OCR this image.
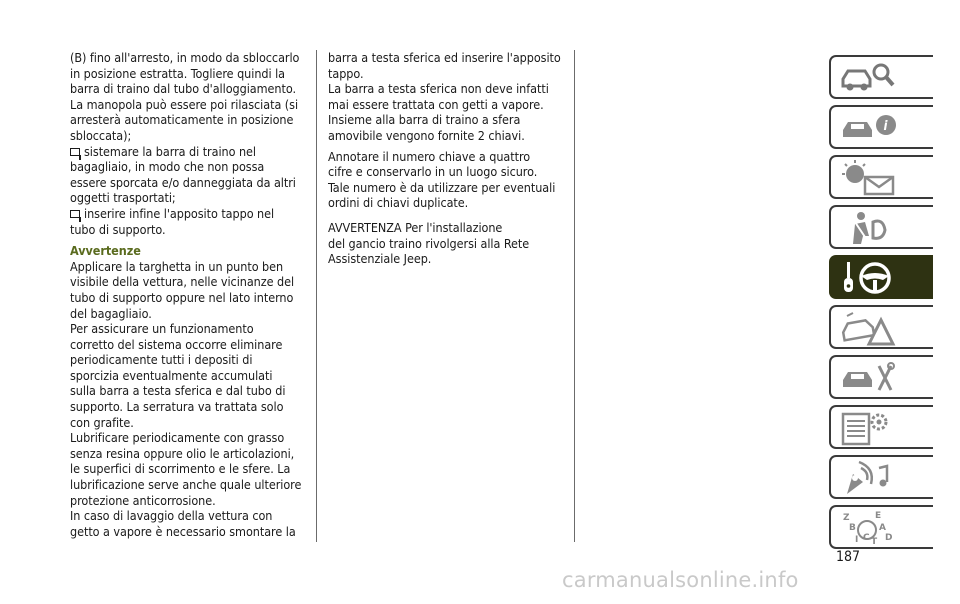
(B) fino all'arresto, in modo da sbloccarlo

in posizione estratta. Togliere quindi la

barra di traino dal tubo d'alloggiamento.

La manopola può essere poi rilasciata (si

arresterà automaticamente in posizione

sbloccata);

sistemare la barra di traino nel

bagagliaio, in modo che non possa

essere sporcata e/o danneggiata da altri

oggetti trasportati;

inserire infine l'apposito tappo nel

tubo di supporto.

Avvertenze

Applicare la targhetta in un punto ben

visibile della vettura, nelle vicinanze del

tubo di supporto oppure nel lato interno

del bagagliaio.

Per assicurare un funzionamento

corretto del sistema occorre eliminare

periodicamente tutti i depositi di

sporcizia eventualmente accumulati

sulla barra a testa sferica e dal tubo di

supporto. La serratura va trattata solo

con grafite.

Lubrificare periodicamente con grasso

senza resina oppure olio le articolazioni,

le superfici di scorrimento e le sfere. La

lubrificazione serve anche quale ulteriore

protezione anticorrosione.

In caso di lavaggio della vettura con

getto a vapore è necessario smontare la

barra a testa sferica ed inserire l'apposito

tappo.

La barra a testa sferica non deve infatti

mai essere trattata con getti a vapore.

Insieme alla barra di traino a sfera

amovibile vengono fornite 2 chiavi.

Annotare il numero chiave a quattro

cifre e conservarlo in un luogo sicuro.

Tale numero è da utilizzare per eventuali

ordini di chiavi duplicate.

AVVERTENZA Per l'installazione

del gancio traino rivolgersi alla Rete

Assistenziale Jeep.

i
Z	E
B	A
I C T D
187
carmanualsonline.info
